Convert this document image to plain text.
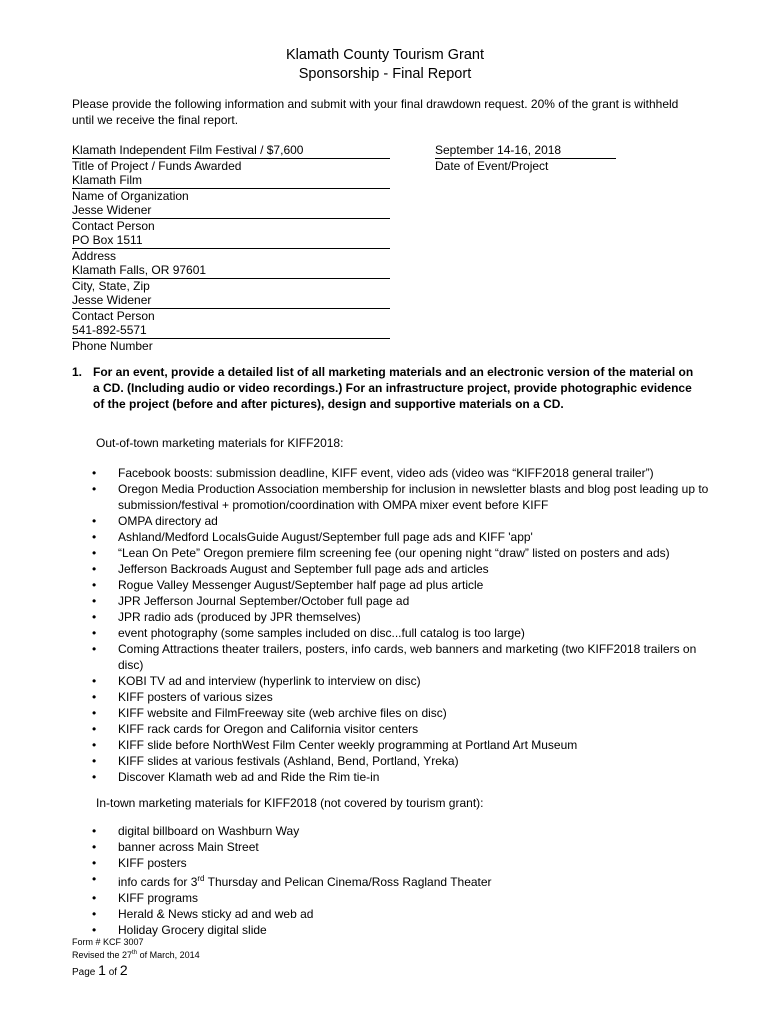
Klamath County Tourism Grant
Sponsorship - Final Report
Please provide the following information and submit with your final drawdown request. 20% of the grant is withheld until we receive the final report.
Klamath Independent Film Festival / $7,600
Title of Project / Funds Awarded
Klamath Film
Name of Organization
Jesse Widener
Contact Person
PO Box 1511
Address
Klamath Falls, OR 97601
City, State, Zip
Jesse Widener
Contact Person
541-892-5571
Phone Number
September 14-16, 2018
Date of Event/Project
1. For an event, provide a detailed list of all marketing materials and an electronic version of the material on a CD. (Including audio or video recordings.) For an infrastructure project, provide photographic evidence of the project (before and after pictures), design and supportive materials on a CD.
Out-of-town marketing materials for KIFF2018:
• Facebook boosts: submission deadline, KIFF event, video ads (video was “KIFF2018 general trailer”)
• Oregon Media Production Association membership for inclusion in newsletter blasts and blog post leading up to submission/festival + promotion/coordination with OMPA mixer event before KIFF
• OMPA directory ad
• Ashland/Medford LocalsGuide August/September full page ads and KIFF 'app'
• “Lean On Pete” Oregon premiere film screening fee (our opening night “draw” listed on posters and ads)
• Jefferson Backroads August and September full page ads and articles
• Rogue Valley Messenger August/September half page ad plus article
• JPR Jefferson Journal September/October full page ad
• JPR radio ads (produced by JPR themselves)
• event photography (some samples included on disc...full catalog is too large)
• Coming Attractions theater trailers, posters, info cards, web banners and marketing (two KIFF2018 trailers on disc)
• KOBI TV ad and interview (hyperlink to interview on disc)
• KIFF posters of various sizes
• KIFF website and FilmFreeway site (web archive files on disc)
• KIFF rack cards for Oregon and California visitor centers
• KIFF slide before NorthWest Film Center weekly programming at Portland Art Museum
• KIFF slides at various festivals (Ashland, Bend, Portland, Yreka)
• Discover Klamath web ad and Ride the Rim tie-in
In-town marketing materials for KIFF2018 (not covered by tourism grant):
• digital billboard on Washburn Way
• banner across Main Street
• KIFF posters
• info cards for 3rd Thursday and Pelican Cinema/Ross Ragland Theater
• KIFF programs
• Herald & News sticky ad and web ad
• Holiday Grocery digital slide
Form # KCF 3007
Revised the 27th of March, 2014
Page 1 of 2
